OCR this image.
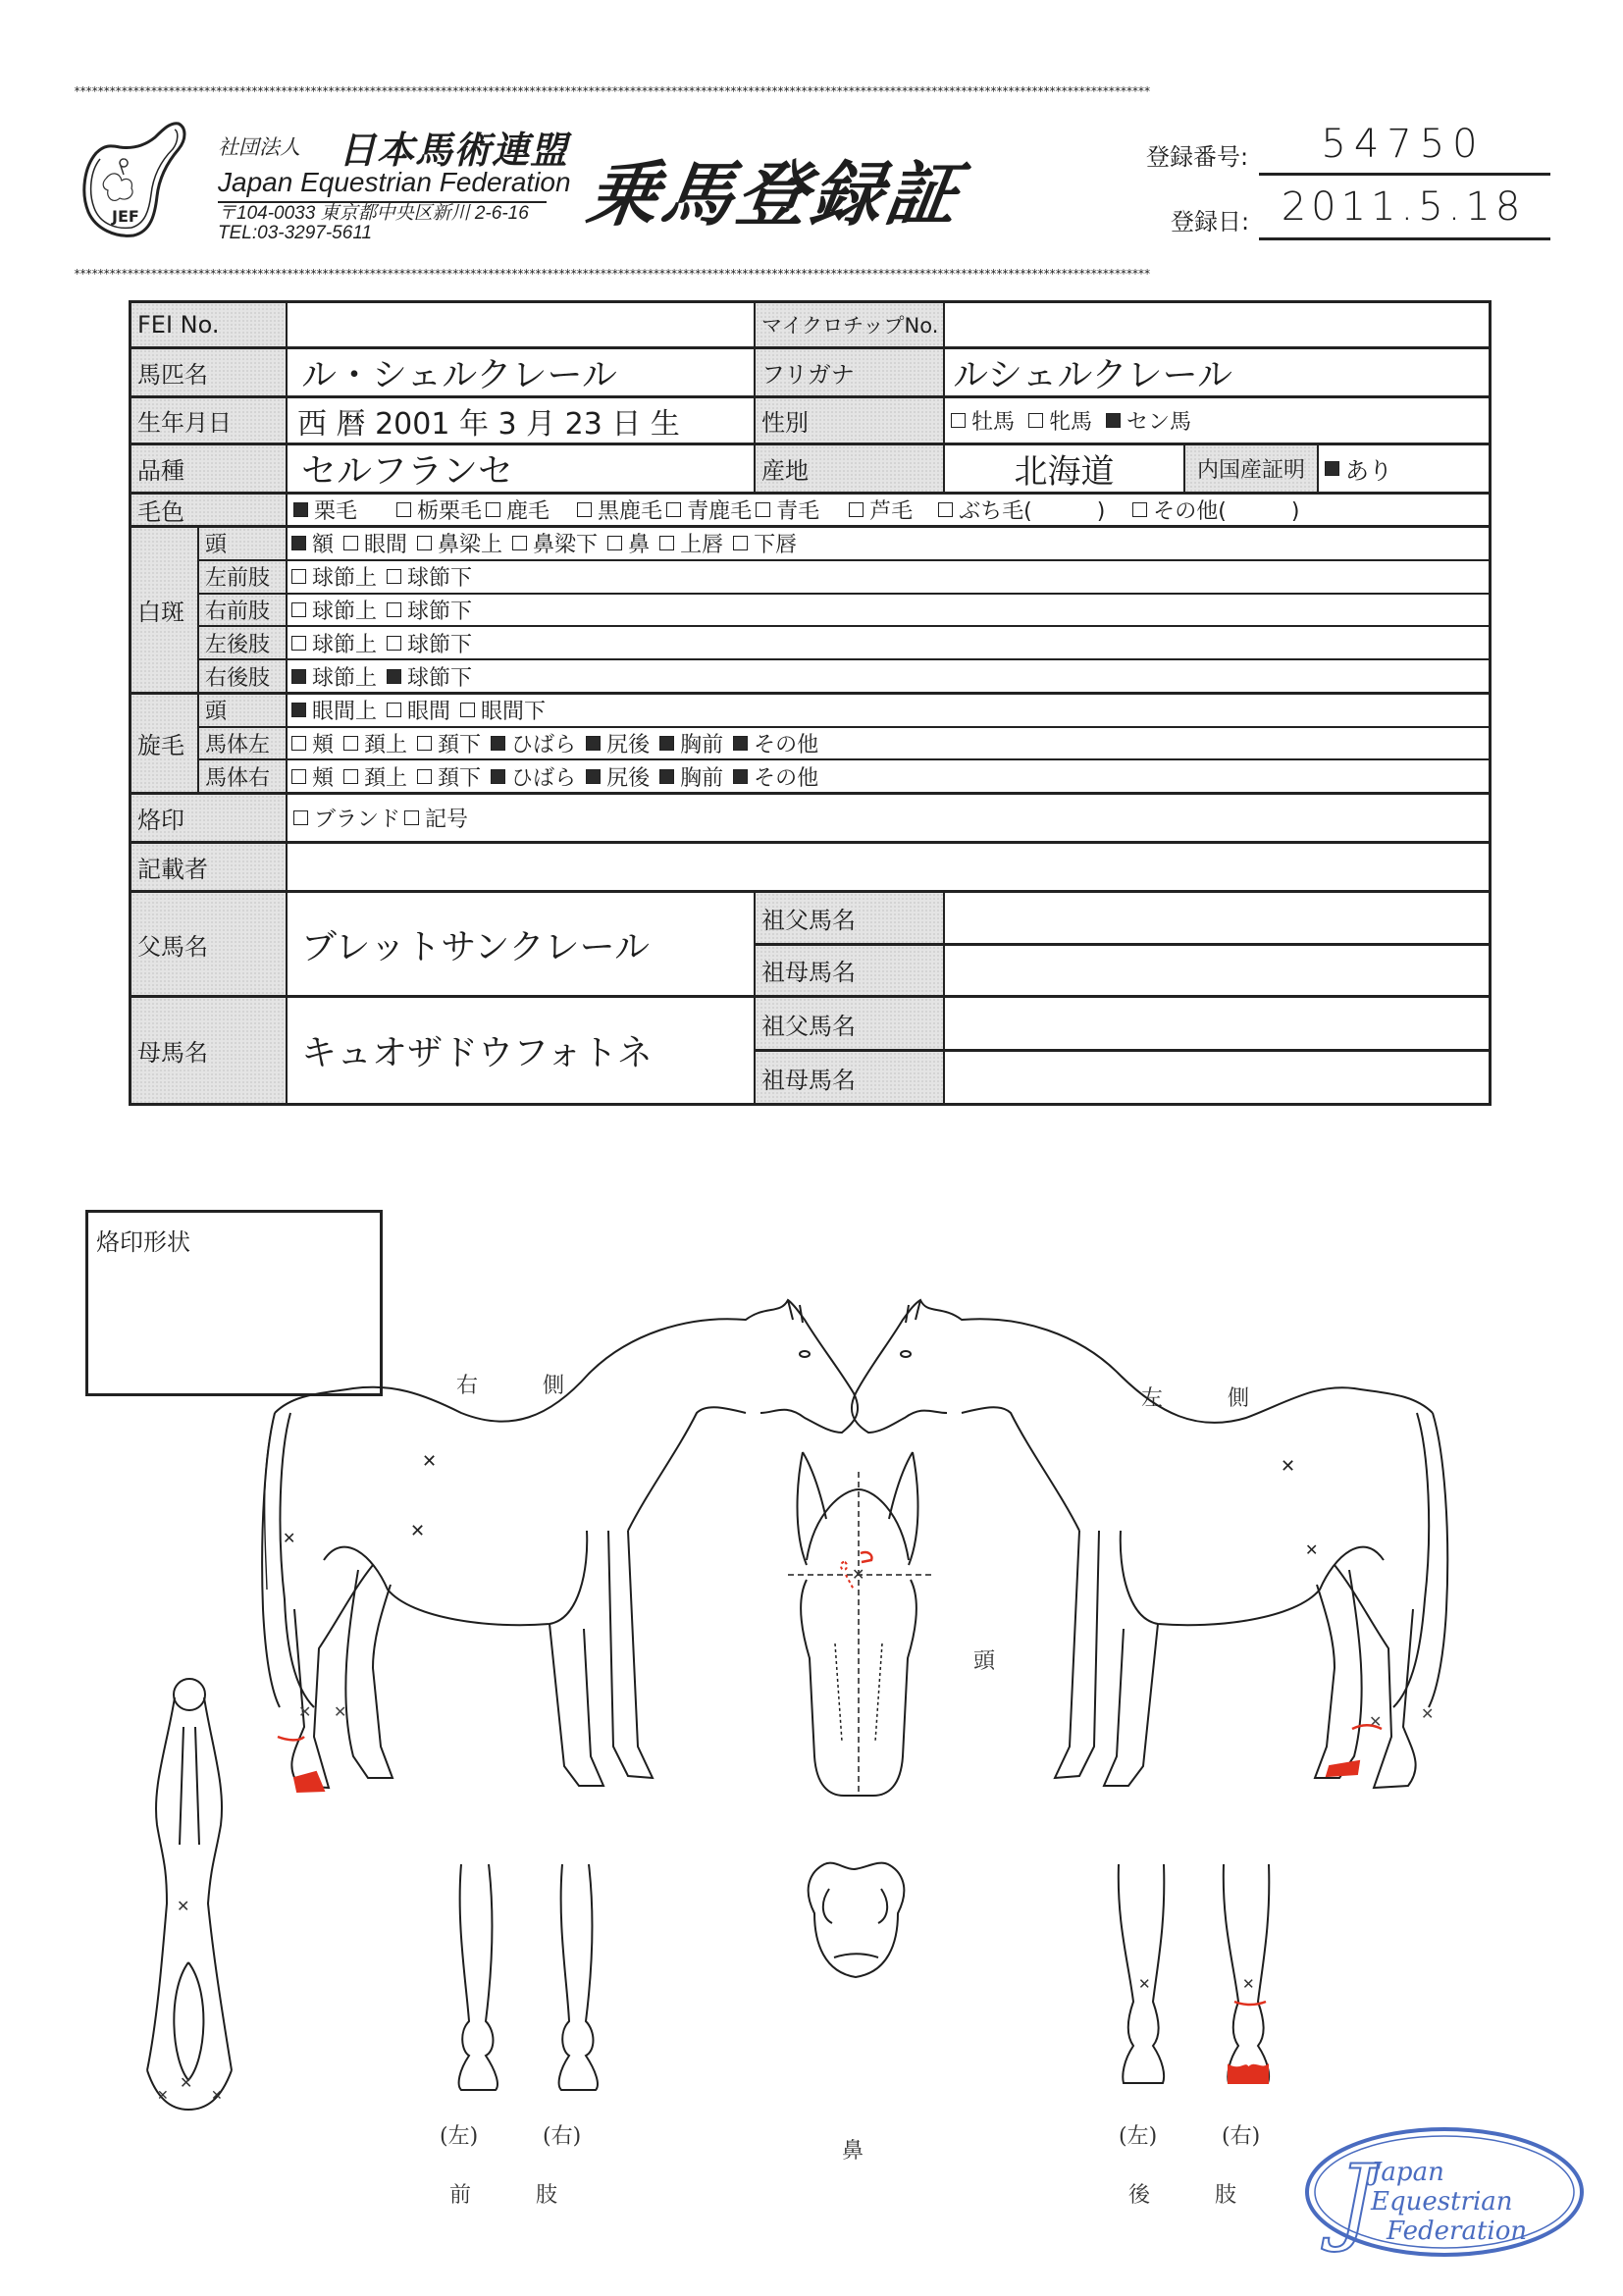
**************************************************************************************************************************************************************************************
**************************************************************************************************************************************************************************************
JEF
社団法人 日本馬術連盟
Japan Equestrian Federation
〒104-0033 東京都中央区新川 2-6-16
TEL:03-3297-5611	乗馬登録証	登録番号:	54750
登録日: 2011.5.18
FEI No.	マイクロチップNo.
馬匹名	ル・シェルクレール	フリガナ	ルシェルクレール
生年月日	西 暦 2001 年 3 月 23 日 生	性別	牡馬 牝馬 セン馬
品種	セルフランセ	産地	北海道	内国産証明	あり
毛色	栗毛	栃栗毛 鹿毛 黒鹿毛 青鹿毛 青毛 芦毛 ぶち毛(　　　) その他(　　　)
白斑
頭	額 眼間 鼻梁上 鼻梁下 鼻 上唇 下唇
左前肢	球節上 球節下
右前肢	球節上 球節下
左後肢	球節上 球節下
右後肢	球節上 球節下
旋毛
頭	眼間上 眼間 眼間下
馬体左	頬 頚上 頚下 ひばら 尻後 胸前 その他
馬体右	頬 頚上 頚下 ひばら 尻後 胸前 その他
烙印	ブランド 記号
記載者
父馬名	ブレットサンクレール
祖父馬名
祖母馬名
母馬名	キュオザドウフォトネ
祖父馬名
祖母馬名
烙印形状
右　　　側
左　　　側
頭
鼻
(左)	(右)
前　　　肢
(左)	(右)
後　　　肢
✕
✕	✕
✕ ✕
✕
✕
✕ ✕
✕
✕
✕
✕	✕
✕	✕
J
Japan
Equestrian
Federation
